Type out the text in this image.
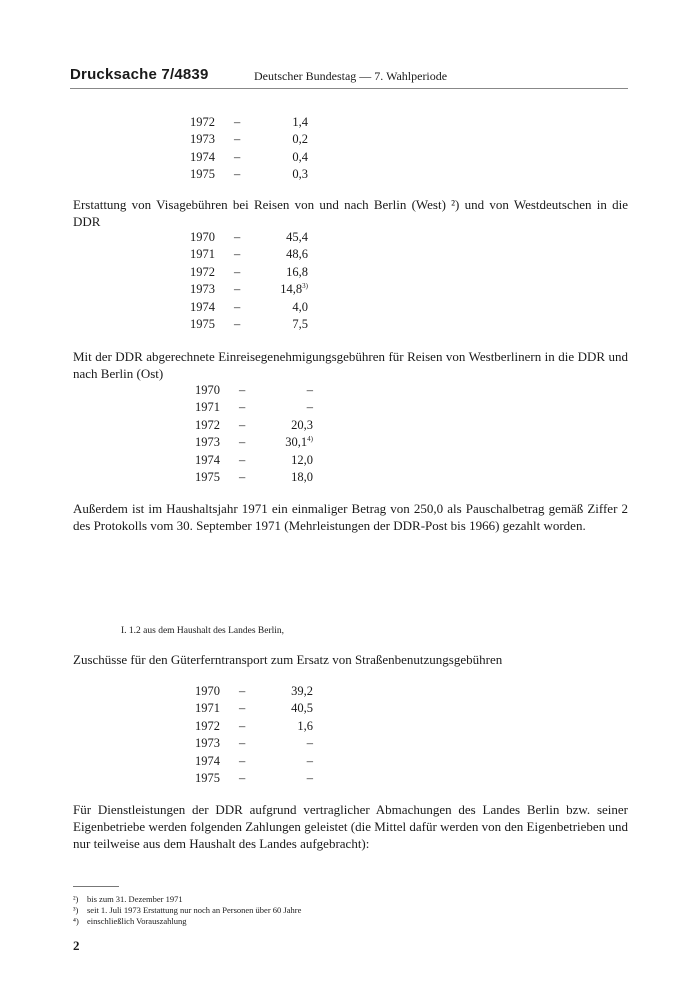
Drucksache 7/4839	Deutscher Bundestag — 7. Wahlperiode
1972 –	1,4
1973 –	0,2
1974 –	0,4
1975 –	0,3
Erstattung von Visagebühren bei Reisen von und nach Berlin (West) ²) und von Westdeutschen in die DDR
1970 –	45,4
1971 –	48,6
1972 –	16,8
1973 –	14,8$^{3)}$
1974 –	4,0
1975 –	7,5
Mit der DDR abgerechnete Einreisegenehmigungsgebühren für Reisen von Westberlinern in die DDR und nach Berlin (Ost)
1970 –	–
1971 –	–
1972 –	20,3
1973 –	30,1$^{4)}$
1974 –	12,0
1975 –	18,0
Außerdem ist im Haushaltsjahr 1971 ein einmaliger Betrag von 250,0 als Pauschalbetrag gemäß Ziffer 2 des Protokolls vom 30. September 1971 (Mehrleistungen der DDR-Post bis 1966) gezahlt worden.
I. 1.2 aus dem Haushalt des Landes Berlin,
Zuschüsse für den Güterferntransport zum Ersatz von Straßenbenutzungsgebühren
1970 –	39,2
1971 –	40,5
1972 –	1,6
1973 –	–
1974 –	–
1975 –	–
Für Dienstleistungen der DDR aufgrund vertraglicher Abmachungen des Landes Berlin bzw. seiner Eigenbetriebe werden folgenden Zahlungen geleistet (die Mittel dafür werden von den Eigenbetrieben und nur teilweise aus dem Haushalt des Landes aufgebracht):
²)	bis zum 31. Dezember 1971
³)	seit 1. Juli 1973 Erstattung nur noch an Personen über 60 Jahre
⁴) einschließlich Vorauszahlung
2
